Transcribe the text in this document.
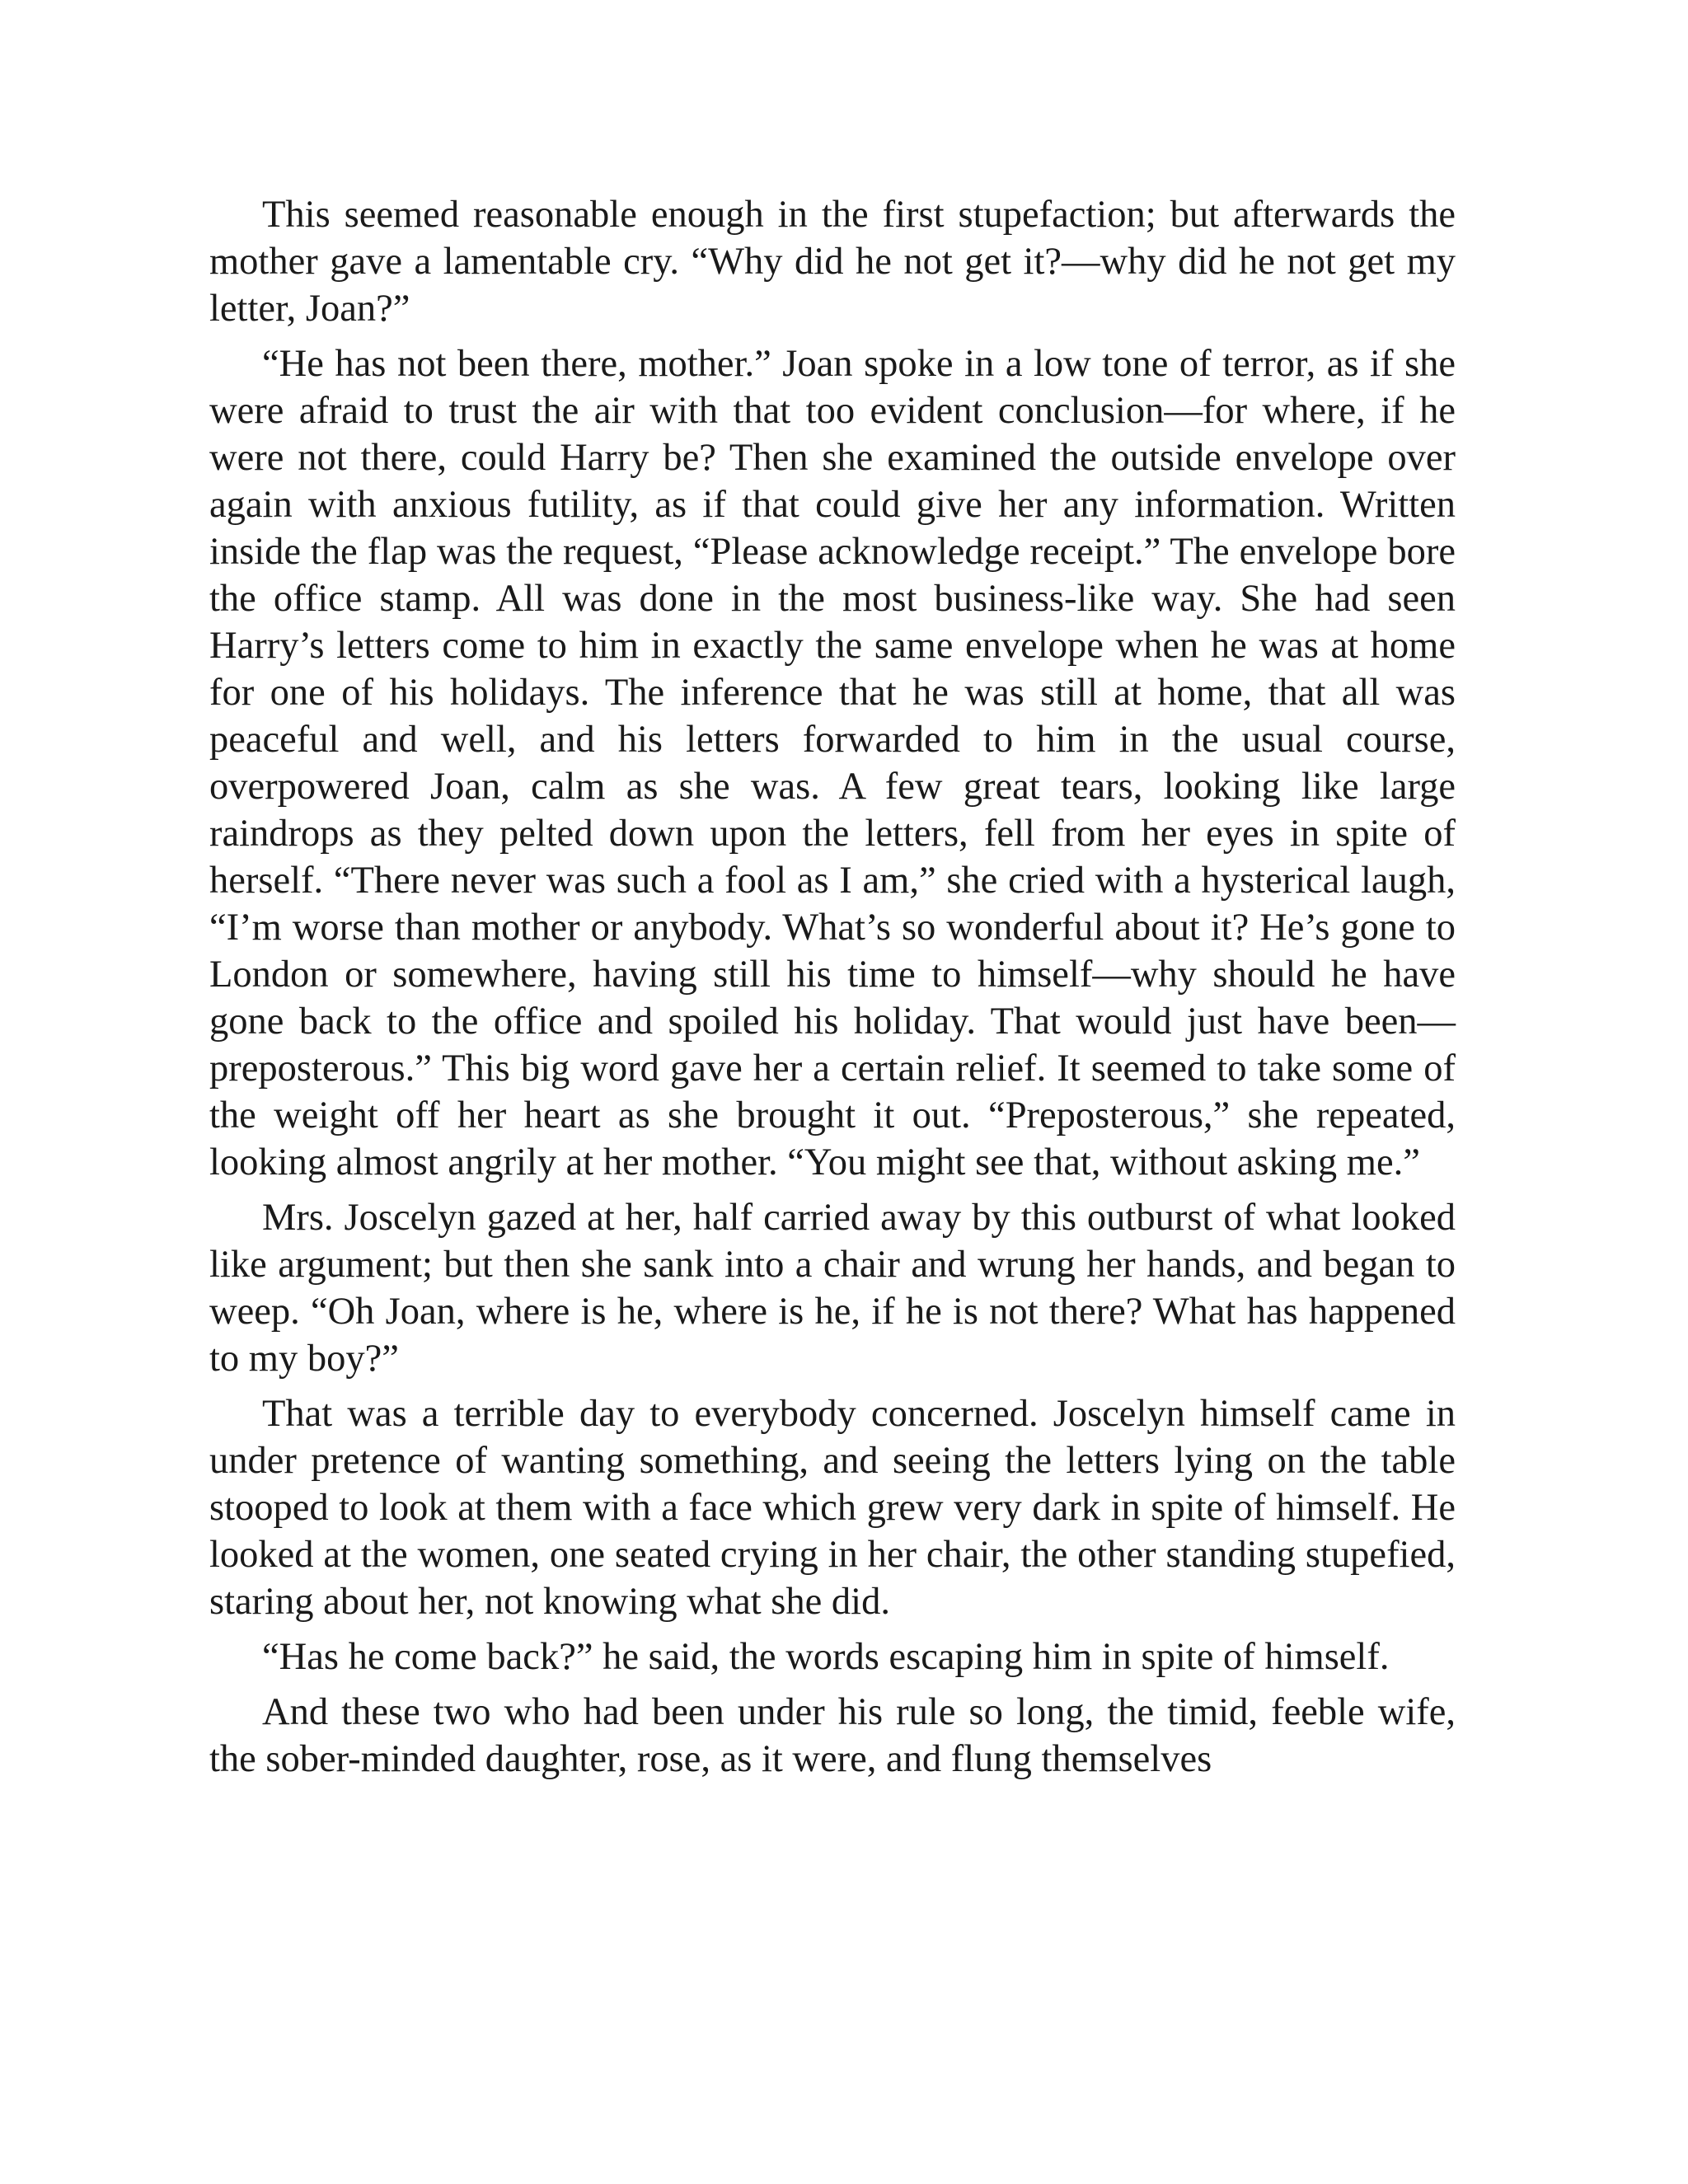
This seemed reasonable enough in the first stupefaction; but afterwards the mother gave a lamentable cry. “Why did he not get it?—why did he not get my letter, Joan?”

“He has not been there, mother.” Joan spoke in a low tone of terror, as if she were afraid to trust the air with that too evident conclusion—for where, if he were not there, could Harry be? Then she examined the outside envelope over again with anxious futility, as if that could give her any information. Written inside the flap was the request, “Please acknowledge receipt.” The envelope bore the office stamp. All was done in the most business-like way. She had seen Harry’s letters come to him in exactly the same envelope when he was at home for one of his holidays. The inference that he was still at home, that all was peaceful and well, and his letters forwarded to him in the usual course, overpowered Joan, calm as she was. A few great tears, looking like large raindrops as they pelted down upon the letters, fell from her eyes in spite of herself. “There never was such a fool as I am,” she cried with a hysterical laugh, “I’m worse than mother or anybody. What’s so wonderful about it? He’s gone to London or somewhere, having still his time to himself—why should he have gone back to the office and spoiled his holiday. That would just have been—preposterous.” This big word gave her a certain relief. It seemed to take some of the weight off her heart as she brought it out. “Preposterous,” she repeated, looking almost angrily at her mother. “You might see that, without asking me.”

Mrs. Joscelyn gazed at her, half carried away by this outburst of what looked like argument; but then she sank into a chair and wrung her hands, and began to weep. “Oh Joan, where is he, where is he, if he is not there? What has happened to my boy?”

That was a terrible day to everybody concerned. Joscelyn himself came in under pretence of wanting something, and seeing the letters lying on the table stooped to look at them with a face which grew very dark in spite of himself. He looked at the women, one seated crying in her chair, the other standing stupefied, staring about her, not knowing what she did.

“Has he come back?” he said, the words escaping him in spite of himself.

And these two who had been under his rule so long, the timid, feeble wife, the sober-minded daughter, rose, as it were, and flung themselves
